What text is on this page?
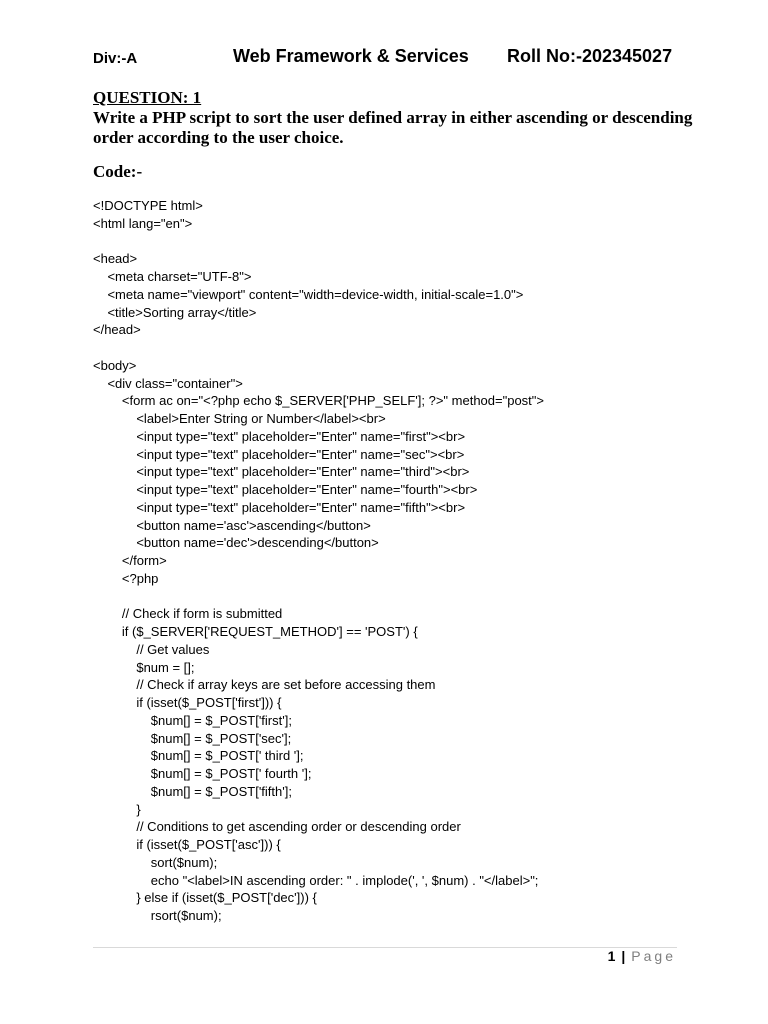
Div:-A	Web Framework & Services Roll No:-202345027
QUESTION: 1
Write a PHP script to sort the user defined array in either ascending or descending order according to the user choice.
Code:-
<!DOCTYPE html>
<html lang="en">
<head>
<meta charset="UTF-8">
<meta name="viewport" content="width=device-width, initial-scale=1.0">
<title>Sorting array</title>
</head>
<body>
<div class="container">
<form ac on="<?php echo $_SERVER['PHP_SELF']; ?>" method="post">
<label>Enter String or Number</label><br>
<input type="text" placeholder="Enter" name="first"><br>
<input type="text" placeholder="Enter" name="sec"><br>
<input type="text" placeholder="Enter" name="third"><br>
<input type="text" placeholder="Enter" name="fourth"><br>
<input type="text" placeholder="Enter" name="fifth"><br>
<button name='asc'>ascending</button>
<button name='dec'>descending</button>
</form>
<?php
// Check if form is submitted
if ($_SERVER['REQUEST_METHOD'] == 'POST') {
// Get values
$num = [];
// Check if array keys are set before accessing them
if (isset($_POST['first'])) {
$num[] = $_POST['first'];
$num[] = $_POST['sec'];
$num[] = $_POST[' third '];
$num[] = $_POST[' fourth '];
$num[] = $_POST['fifth'];
}
// Conditions to get ascending order or descending order
if (isset($_POST['asc'])) {
sort($num);
echo "<label>IN ascending order: " . implode(', ', $num) . "</label>";
} else if (isset($_POST['dec'])) {
rsort($num);
1 | Page
